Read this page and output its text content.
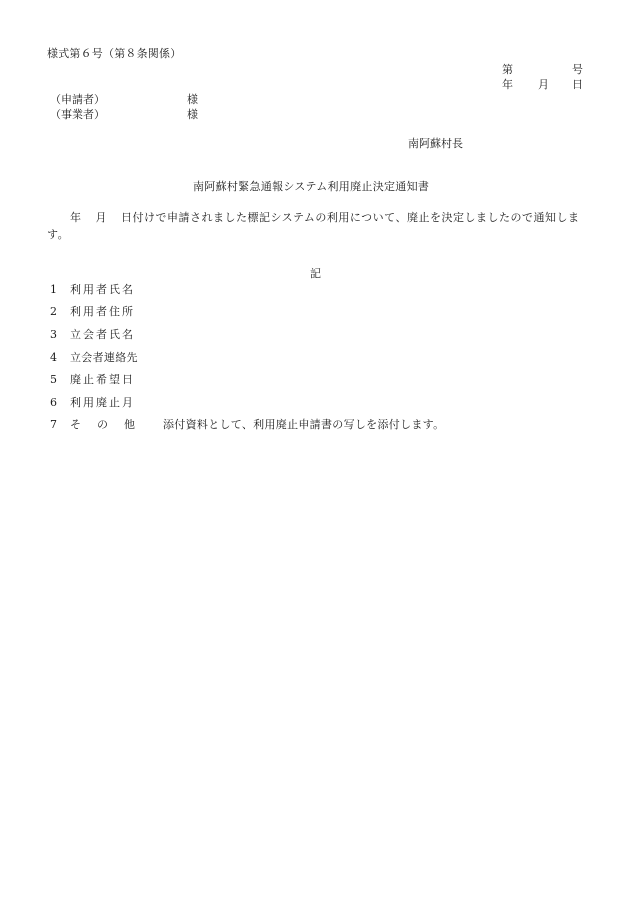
様式第６号（第８条関係）
第	号
年 月 日
（申請者）	様
（事業者）	様
南阿蘇村長
南阿蘇村緊急通報システム利用廃止決定通知書
年 月 日付けで申請されました標記システムの利用について、廃止を決定しましたので通知します。
記
1 利用者氏名
2 利用者住所
3 立会者氏名
4 立会者連絡先
5 廃止希望日
6 利用廃止月
7 そ の 他	添付資料として、利用廃止申請書の写しを添付します。
